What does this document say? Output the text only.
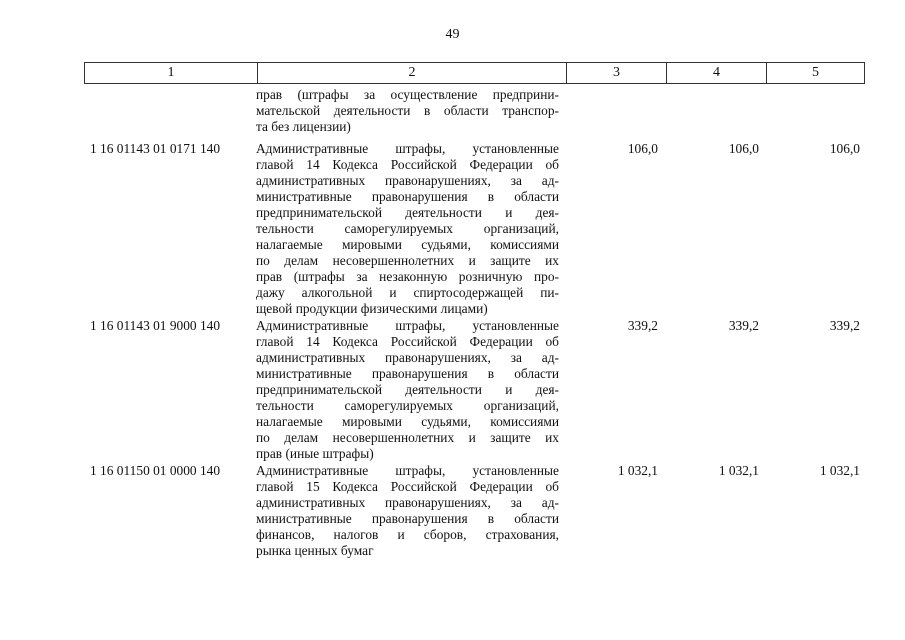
49
1	2	3	4	5
прав (штрафы за осуществление предприни-
мательской деятельности в области транспор-
та без лицензии)
1 16 01143 01 0171 140	Административные штрафы, установленные
главой 14 Кодекса Российской Федерации об
административных правонарушениях, за ад-
министративные правонарушения в области
предпринимательской деятельности и дея-
тельности саморегулируемых организаций,
налагаемые мировыми судьями, комиссиями
по делам несовершеннолетних и защите их
прав (штрафы за незаконную розничную про-
дажу алкогольной и спиртосодержащей пи-
щевой продукции физическими лицами)
106,0	106,0	106,0
1 16 01143 01 9000 140	Административные штрафы, установленные
главой 14 Кодекса Российской Федерации об
административных правонарушениях, за ад-
министративные правонарушения в области
предпринимательской деятельности и дея-
тельности саморегулируемых организаций,
налагаемые мировыми судьями, комиссиями
по делам несовершеннолетних и защите их
прав (иные штрафы)
339,2	339,2	339,2
1 16 01150 01 0000 140	Административные штрафы, установленные
главой 15 Кодекса Российской Федерации об
административных правонарушениях, за ад-
министративные правонарушения в области
финансов, налогов и сборов, страхования,
рынка ценных бумаг
1 032,1	1 032,1	1 032,1
